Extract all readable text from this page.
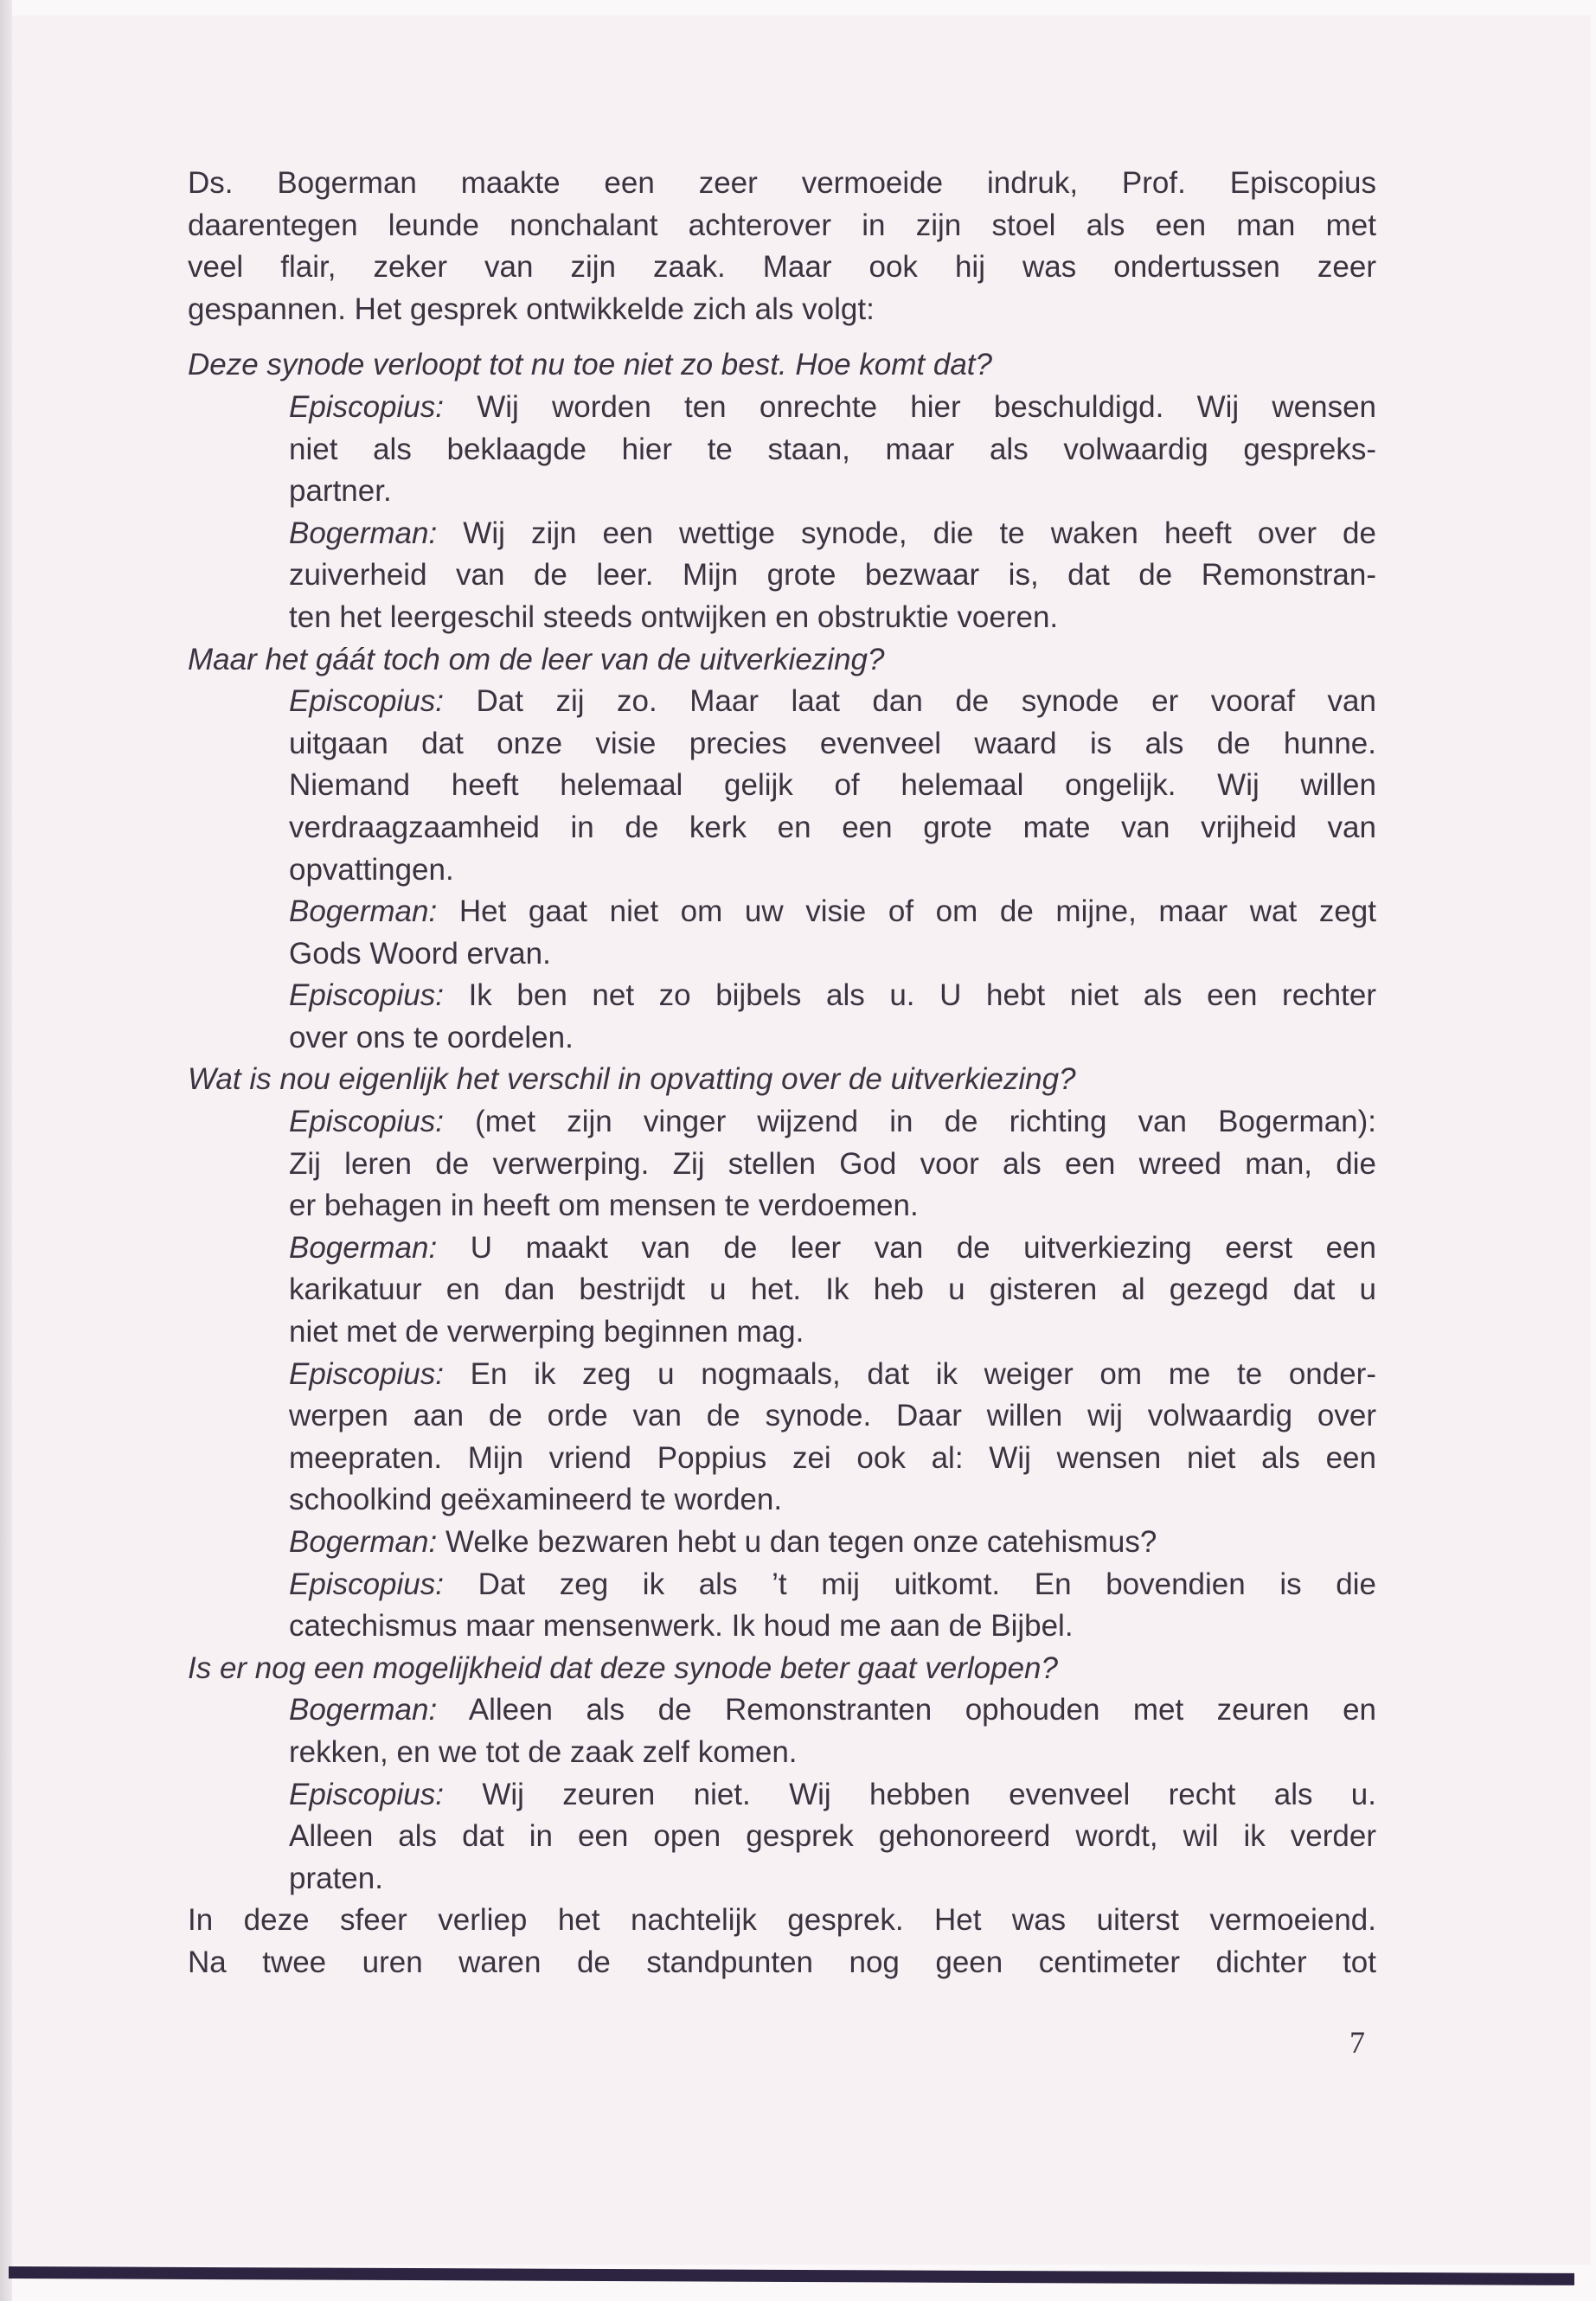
Ds. Bogerman maakte een zeer vermoeide indruk, Prof. Episcopius
daarentegen leunde nonchalant achterover in zijn stoel als een man met
veel flair, zeker van zijn zaak. Maar ook hij was ondertussen zeer
gespannen. Het gesprek ontwikkelde zich als volgt:
Deze synode verloopt tot nu toe niet zo best. Hoe komt dat?
Episcopius: Wij worden ten onrechte hier beschuldigd. Wij wensen
niet als beklaagde hier te staan, maar als volwaardig gespreks-
partner.
Bogerman: Wij zijn een wettige synode, die te waken heeft over de
zuiverheid van de leer. Mijn grote bezwaar is, dat de Remonstran-
ten het leergeschil steeds ontwijken en obstruktie voeren.
Maar het gáát toch om de leer van de uitverkiezing?
Episcopius: Dat zij zo. Maar laat dan de synode er vooraf van
uitgaan dat onze visie precies evenveel waard is als de hunne.
Niemand heeft helemaal gelijk of helemaal ongelijk. Wij willen
verdraagzaamheid in de kerk en een grote mate van vrijheid van
opvattingen.
Bogerman: Het gaat niet om uw visie of om de mijne, maar wat zegt
Gods Woord ervan.
Episcopius: Ik ben net zo bijbels als u. U hebt niet als een rechter
over ons te oordelen.
Wat is nou eigenlijk het verschil in opvatting over de uitverkiezing?
Episcopius: (met zijn vinger wijzend in de richting van Bogerman):
Zij leren de verwerping. Zij stellen God voor als een wreed man, die
er behagen in heeft om mensen te verdoemen.
Bogerman: U maakt van de leer van de uitverkiezing eerst een
karikatuur en dan bestrijdt u het. Ik heb u gisteren al gezegd dat u
niet met de verwerping beginnen mag.
Episcopius: En ik zeg u nogmaals, dat ik weiger om me te onder-
werpen aan de orde van de synode. Daar willen wij volwaardig over
meepraten. Mijn vriend Poppius zei ook al: Wij wensen niet als een
schoolkind geëxamineerd te worden.
Bogerman: Welke bezwaren hebt u dan tegen onze catehismus?
Episcopius: Dat zeg ik als ’t mij uitkomt. En bovendien is die
catechismus maar mensenwerk. Ik houd me aan de Bijbel.
Is er nog een mogelijkheid dat deze synode beter gaat verlopen?
Bogerman: Alleen als de Remonstranten ophouden met zeuren en
rekken, en we tot de zaak zelf komen.
Episcopius: Wij zeuren niet. Wij hebben evenveel recht als u.
Alleen als dat in een open gesprek gehonoreerd wordt, wil ik verder
praten.
In deze sfeer verliep het nachtelijk gesprek. Het was uiterst vermoeiend.
Na twee uren waren de standpunten nog geen centimeter dichter tot
7
